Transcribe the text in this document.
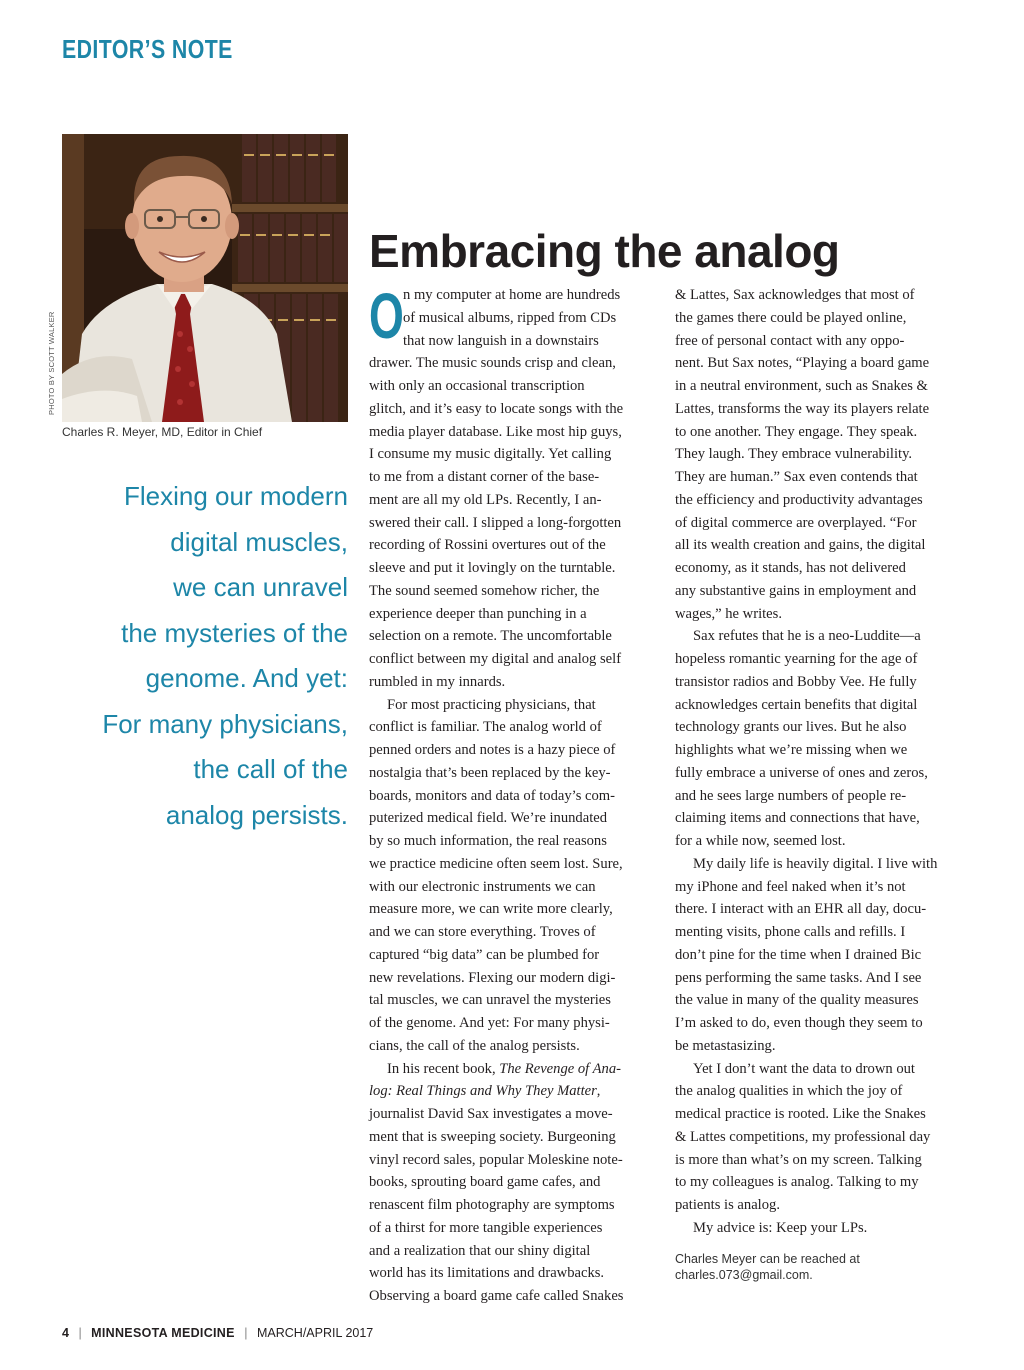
EDITOR’S NOTE
PHOTO BY SCOTT WALKER
Charles R. Meyer, MD, Editor in Chief
Flexing our modern
digital muscles,
we can unravel
the mysteries of the
genome. And yet:
For many physicians,
the call of the
analog persists.
Embracing the analog
O n my computer at home are hundreds
of musical albums, ripped from CDs
that now languish in a downstairs
drawer. The music sounds crisp and clean,
with only an occasional transcription
glitch, and it’s easy to locate songs with the
media player database. Like most hip guys,
I consume my music digitally. Yet calling
to me from a distant corner of the base-
ment are all my old LPs. Recently, I an-
swered their call. I slipped a long-forgotten
recording of Rossini overtures out of the
sleeve and put it lovingly on the turntable.
The sound seemed somehow richer, the
experience deeper than punching in a
selection on a remote. The uncomfortable
conflict between my digital and analog self
rumbled in my innards.
For most practicing physicians, that
conflict is familiar. The analog world of
penned orders and notes is a hazy piece of
nostalgia that’s been replaced by the key-
boards, monitors and data of today’s com-
puterized medical field. We’re inundated
by so much information, the real reasons
we practice medicine often seem lost. Sure,
with our electronic instruments we can
measure more, we can write more clearly,
and we can store everything. Troves of
captured “big data” can be plumbed for
new revelations. Flexing our modern digi-
tal muscles, we can unravel the mysteries
of the genome. And yet: For many physi-
cians, the call of the analog persists.
In his recent book, The Revenge of Ana-
log: Real Things and Why They Matter,
journalist David Sax investigates a move-
ment that is sweeping society. Burgeoning
vinyl record sales, popular Moleskine note-
books, sprouting board game cafes, and
renascent film photography are symptoms
of a thirst for more tangible experiences
and a realization that our shiny digital
world has its limitations and drawbacks.
Observing a board game cafe called Snakes
& Lattes, Sax acknowledges that most of
the games there could be played online,
free of personal contact with any oppo-
nent. But Sax notes, “Playing a board game
in a neutral environment, such as Snakes &
Lattes, transforms the way its players relate
to one another. They engage. They speak.
They laugh. They embrace vulnerability.
They are human.” Sax even contends that
the efficiency and productivity advantages
of digital commerce are overplayed. “For
all its wealth creation and gains, the digital
economy, as it stands, has not delivered
any substantive gains in employment and
wages,” he writes.
Sax refutes that he is a neo-Luddite—a
hopeless romantic yearning for the age of
transistor radios and Bobby Vee. He fully
acknowledges certain benefits that digital
technology grants our lives. But he also
highlights what we’re missing when we
fully embrace a universe of ones and zeros,
and he sees large numbers of people re-
claiming items and connections that have,
for a while now, seemed lost.
My daily life is heavily digital. I live with
my iPhone and feel naked when it’s not
there. I interact with an EHR all day, docu-
menting visits, phone calls and refills. I
don’t pine for the time when I drained Bic
pens performing the same tasks. And I see
the value in many of the quality measures
I’m asked to do, even though they seem to
be metastasizing.
Yet I don’t want the data to drown out
the analog qualities in which the joy of
medical practice is rooted. Like the Snakes
& Lattes competitions, my professional day
is more than what’s on my screen. Talking
to my colleagues is analog. Talking to my
patients is analog.
My advice is: Keep your LPs.
Charles Meyer can be reached at
charles.073@gmail.com.
4 | MINNESOTA MEDICINE | MARCH/APRIL 2017
